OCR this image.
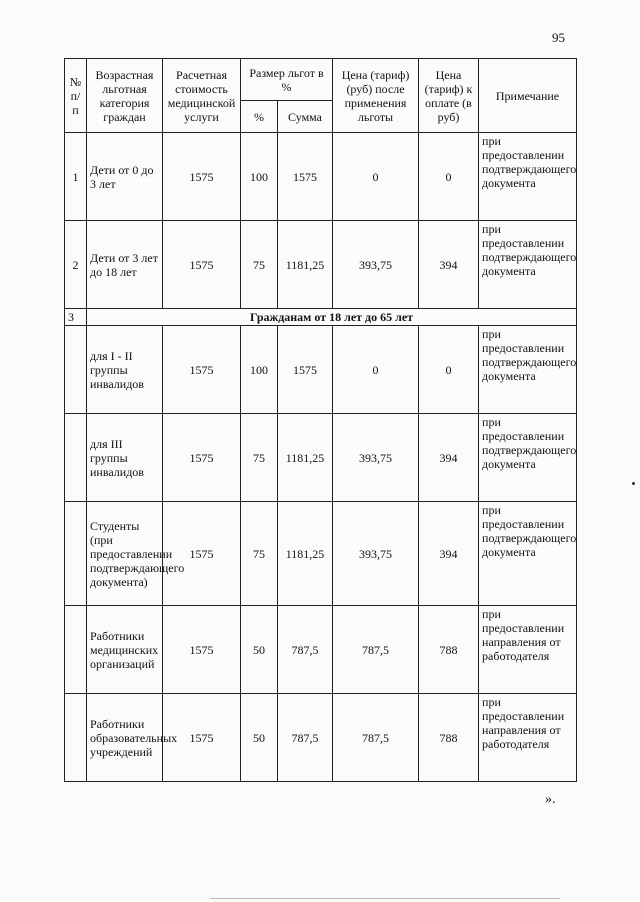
95
№ п/п	Возрастная льготная категория граждан	Расчетная стоимость медицинской услуги	Размер льгот в %		Цена (тариф) (руб) после применения льготы	Цена (тариф) к оплате (в руб)	Примечание
			%	Сумма			
1	Дети от 0 до 3 лет	1575	100	1575	0	0	при предоставлении подтверждающего документа
2	Дети от 3 лет до 18 лет	1575	75	1181,25	393,75	394	при предоставлении подтверждающего документа
3	Гражданам от 18 лет до 65 лет						
	для I - II группы инвалидов	1575	100	1575	0	0	при предоставлении подтверждающего документа
	для III группы инвалидов	1575	75	1181,25	393,75	394	при предоставлении подтверждающего документа
	Студенты (при предоставлении подтверждающего документа)	1575	75	1181,25	393,75	394	при предоставлении подтверждающего документа
	Работники медицинских организаций	1575	50	787,5	787,5	788	при предоставлении направления от работодателя
	Работники образовательных учреждений	1575	50	787,5	787,5	788	при предоставлении направления от работодателя
».
